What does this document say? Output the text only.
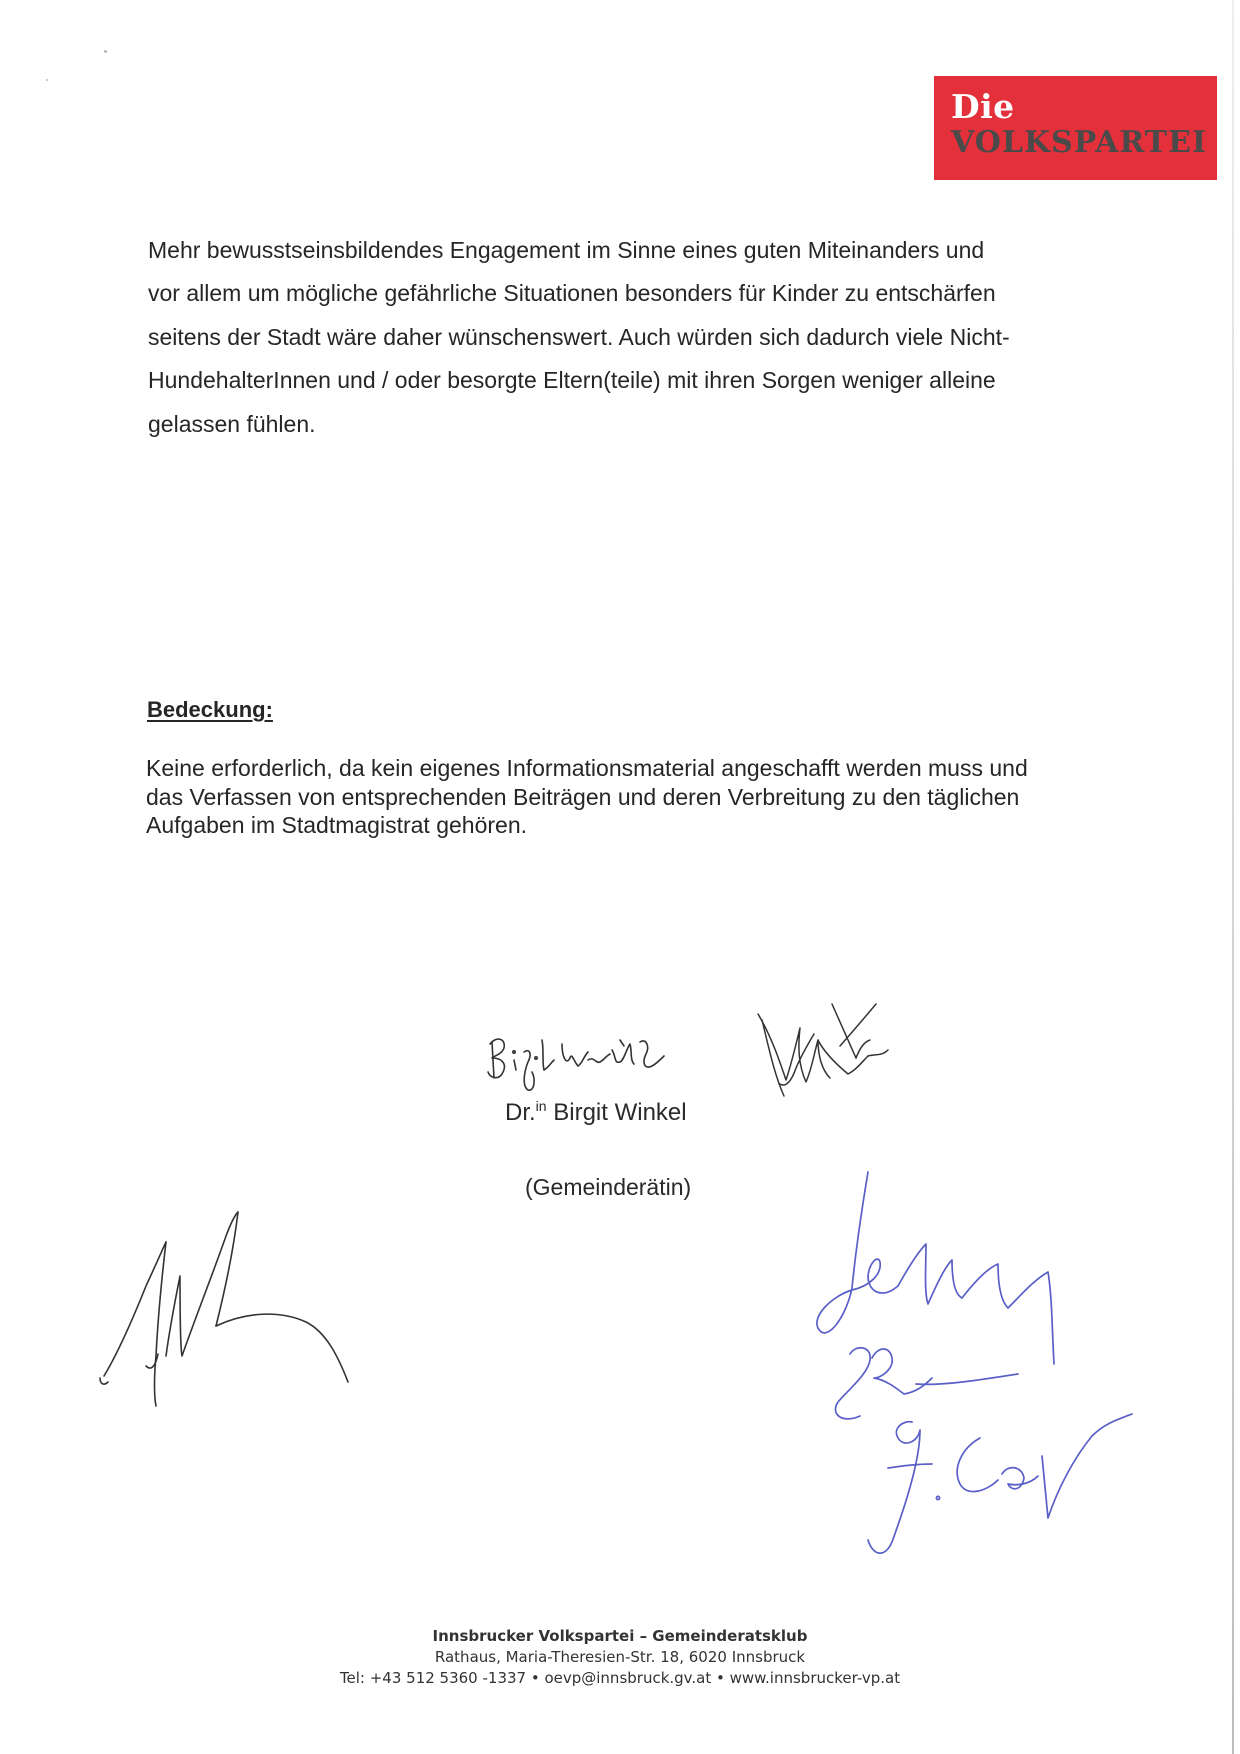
Die
VOLKSPARTEI
Mehr bewusstseinsbildendes Engagement im Sinne eines guten Miteinanders und
vor allem um mögliche gefährliche Situationen besonders für Kinder zu entschärfen
seitens der Stadt wäre daher wünschenswert. Auch würden sich dadurch viele Nicht-
HundehalterInnen und / oder besorgte Eltern(teile) mit ihren Sorgen weniger alleine
gelassen fühlen.
Bedeckung:
Keine erforderlich, da kein eigenes Informationsmaterial angeschafft werden muss und
das Verfassen von entsprechenden Beiträgen und deren Verbreitung zu den täglichen
Aufgaben im Stadtmagistrat gehören.
Dr.$^{in}$ Birgit Winkel
(Gemeinderätin)
Innsbrucker Volkspartei – Gemeinderatsklub
Rathaus, Maria-Theresien-Str. 18, 6020 Innsbruck
Tel: +43 512 5360 -1337 • oevp@innsbruck.gv.at • www.innsbrucker-vp.at
